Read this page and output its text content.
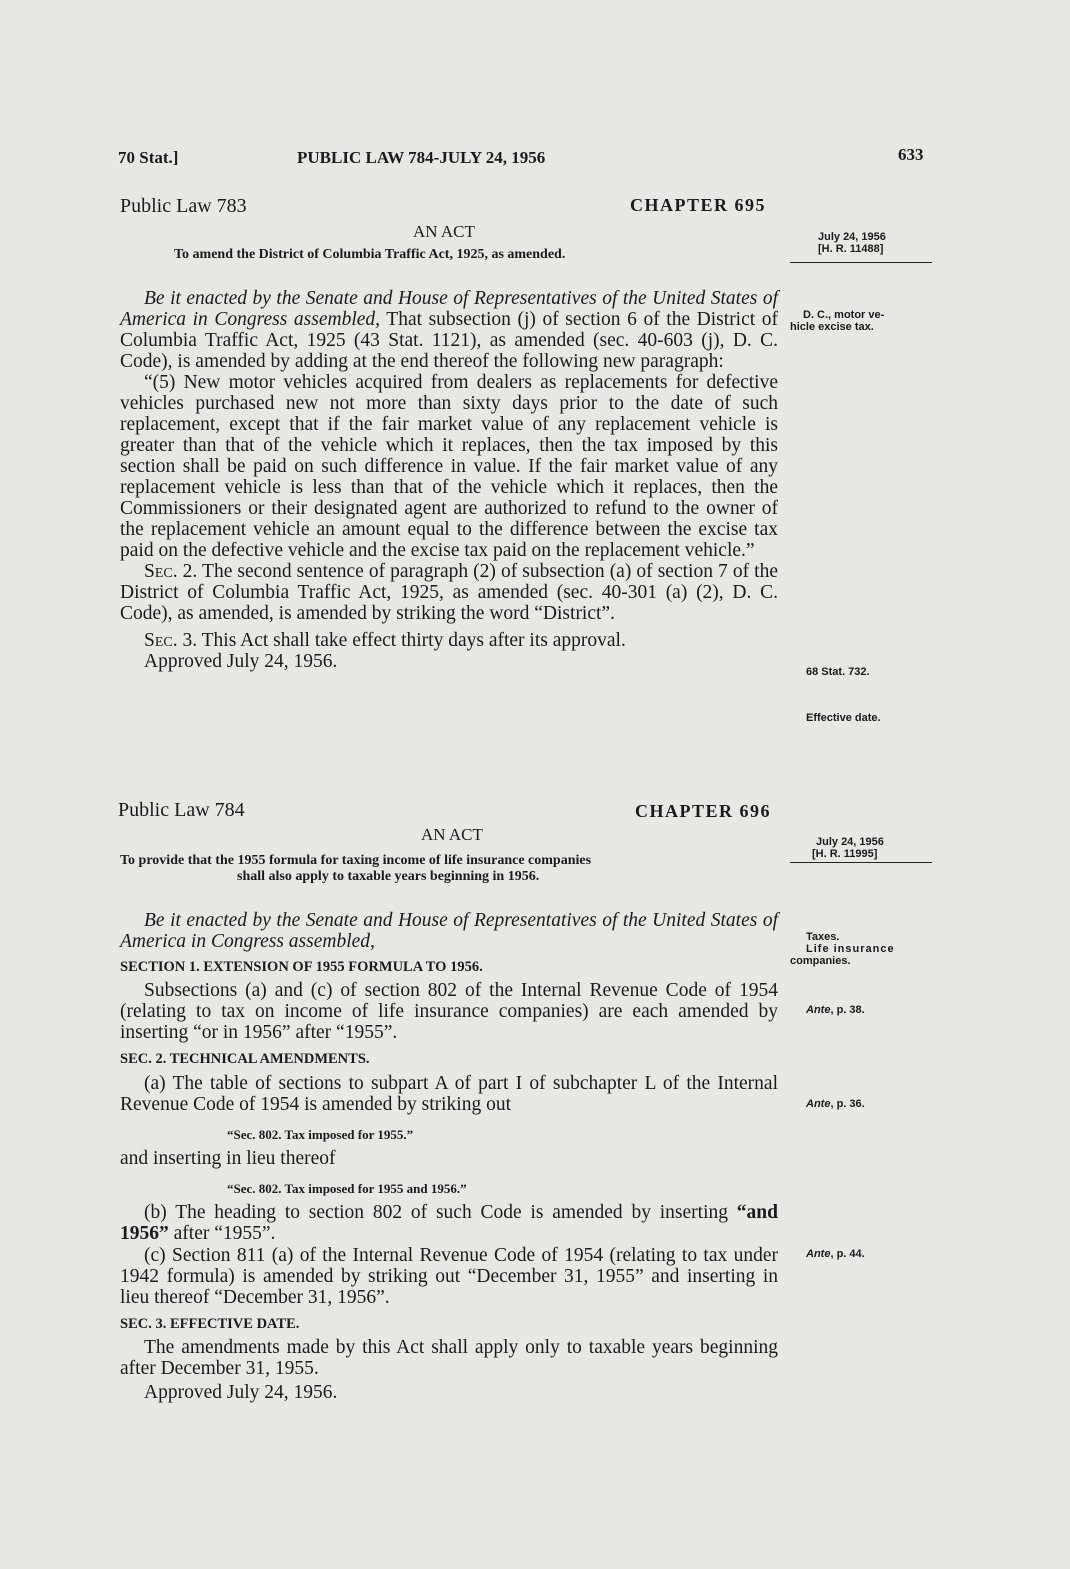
70 Stat.]	PUBLIC LAW 784-JULY 24, 1956	633
Public Law 783	CHAPTER 695
AN ACT
To amend the District of Columbia Traffic Act, 1925, as amended.
July 24, 1956
[H. R. 11488]
D. C., motor ve-
hicle excise tax.

Be it enacted by the Senate and House of Representatives of the United States of America in Congress assembled, That subsection (j) of section 6 of the District of Columbia Traffic Act, 1925 (43 Stat. 1121), as amended (sec. 40-603 (j), D. C. Code), is amended by adding at the end thereof the following new paragraph:

“(5) New motor vehicles acquired from dealers as replacements for defective vehicles purchased new not more than sixty days prior to the date of such replacement, except that if the fair market value of any replacement vehicle is greater than that of the vehicle which it replaces, then the tax imposed by this section shall be paid on such difference in value. If the fair market value of any replacement vehicle is less than that of the vehicle which it replaces, then the Commissioners or their designated agent are authorized to refund to the owner of the replacement vehicle an amount equal to the difference between the excise tax paid on the defective vehicle and the excise tax paid on the replacement vehicle.”

Sec. 2. The second sentence of paragraph (2) of subsection (a) of section 7 of the District of Columbia Traffic Act, 1925, as amended (sec. 40-301 (a) (2), D. C. Code), as amended, is amended by striking the word “District”.

Sec. 3. This Act shall take effect thirty days after its approval.

Approved July 24, 1956.	68 Stat. 732.
Effective date.
Public Law 784	CHAPTER 696
AN ACT
To provide that the 1955 formula for taxing income of life insurance companies
shall also apply to taxable years beginning in 1956.
July 24, 1956
[H. R. 11995]
Taxes.
Life insurance
companies.
Be it enacted by the Senate and House of Representatives of the United States of America in Congress assembled,
SECTION 1. EXTENSION OF 1955 FORMULA TO 1956.
Subsections (a) and (c) of section 802 of the Internal Revenue Code of 1954 (relating to tax on income of life insurance companies) are each amended by inserting “or in 1956” after “1955”.
Ante, p. 38.
SEC. 2. TECHNICAL AMENDMENTS.
(a) The table of sections to subpart A of part I of subchapter L of the Internal Revenue Code of 1954 is amended by striking out	Ante, p. 36.
“Sec. 802. Tax imposed for 1955.”
and inserting in lieu thereof
“Sec. 802. Tax imposed for 1955 and 1956.”
(b) The heading to section 802 of such Code is amended by inserting “and 1956” after “1955”.
(c) Section 811 (a) of the Internal Revenue Code of 1954 (relating to tax under 1942 formula) is amended by striking out “December 31, 1955” and inserting in lieu thereof “December 31, 1956”.
Ante, p. 44.
SEC. 3. EFFECTIVE DATE.
The amendments made by this Act shall apply only to taxable years beginning after December 31, 1955.
Approved July 24, 1956.
